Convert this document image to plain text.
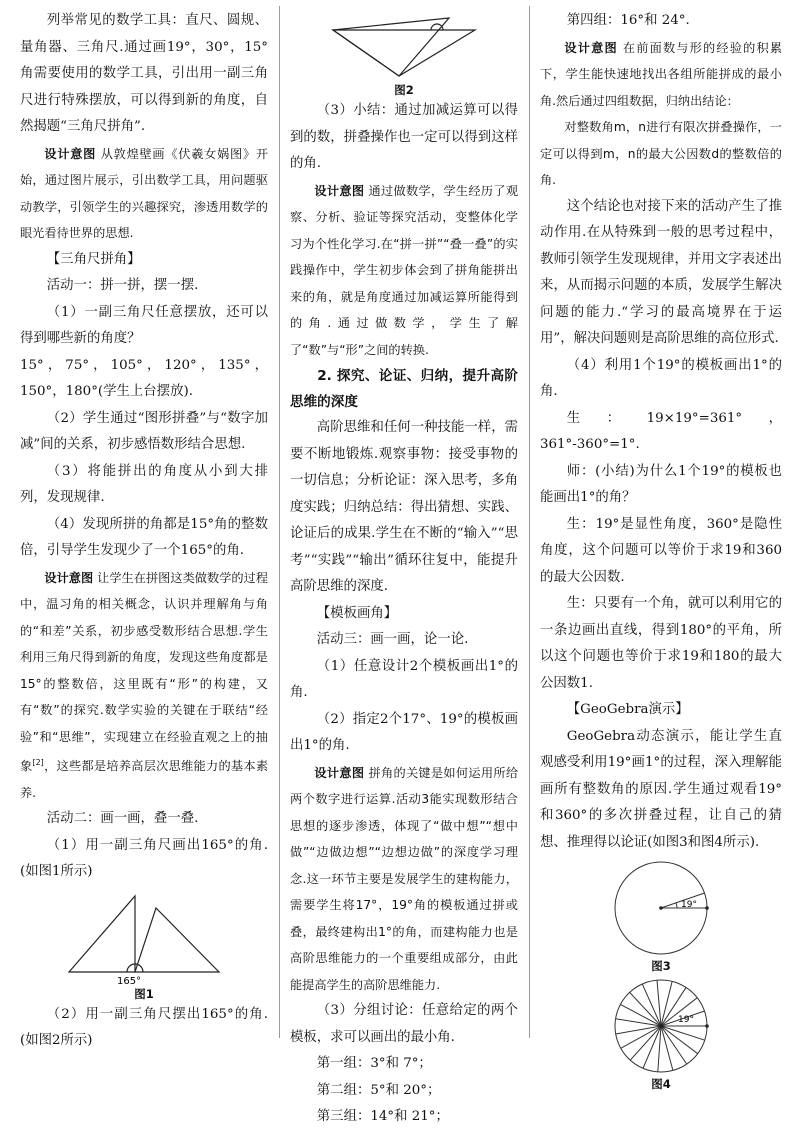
列举常见的数学工具：直尺、圆规、量角器、三角尺.通过画19°，30°，15°角需要使用的数学工具，引出用一副三角尺进行特殊摆放，可以得到新的角度，自然揭题“三角尺拼角”.

设计意图 从敦煌壁画《伏羲女娲图》开始，通过图片展示，引出数学工具，用问题驱动教学，引领学生的兴趣探究，渗透用数学的眼光看待世界的思想.

【三角尺拼角】

活动一：拼一拼，摆一摆.

（1）一副三角尺任意摆放，还可以得到哪些新的角度？

15°，75°，105°，120°，135°，150°，180°(学生上台摆放).

（2）学生通过“图形拼叠”与“数字加减”间的关系，初步感悟数形结合思想.

（3）将能拼出的角度从小到大排列，发现规律.

（4）发现所拼的角都是15°角的整数倍，引导学生发现少了一个165°的角.

设计意图 让学生在拼图这类做数学的过程中，温习角的相关概念，认识并理解角与角的“和差”关系，初步感受数形结合思想.学生利用三角尺得到新的角度，发现这些角度都是15°的整数倍，这里既有“形”的构建，又有“数”的探究.数学实验的关键在于联结“经验”和“思维”，实现建立在经验直观之上的抽象[2]，这些都是培养高层次思维能力的基本素养.

活动二：画一画，叠一叠.

（1）用一副三角尺画出165°的角.(如图1所示)

165°
图1

（2）用一副三角尺摆出165°的角.(如图2所示)

图2

（3）小结：通过加减运算可以得到的数，拼叠操作也一定可以得到这样的角.

设计意图 通过做数学，学生经历了观察、分析、验证等探究活动，变整体化学习为个性化学习.在“拼一拼”“叠一叠”的实践操作中，学生初步体会到了拼角能拼出来的角，就是角度通过加减运算所能得到的角.通过做数学，学生了解了“数”与“形”之间的转换.

2. 探究、论证、归纳，提升高阶思维的深度

高阶思维和任何一种技能一样，需要不断地锻炼.观察事物：接受事物的一切信息；分析论证：深入思考，多角度实践；归纳总结：得出猜想、实践、论证后的成果.学生在不断的“输入”“思考”“实践”“输出”循环往复中，能提升高阶思维的深度.

【模板画角】

活动三：画一画，论一论.

（1）任意设计2个模板画出1°的角.

（2）指定2个17°、19°的模板画出1°的角.

设计意图 拼角的关键是如何运用所给两个数字进行运算.活动3能实现数形结合思想的逐步渗透，体现了“做中想”“想中做”“边做边想”“边想边做”的深度学习理念.这一环节主要是发展学生的建构能力，需要学生将17°，19°角的模板通过拼或叠，最终建构出1°的角，而建构能力也是高阶思维能力的一个重要组成部分，由此能提高学生的高阶思维能力.

（3）分组讨论：任意给定的两个模板，求可以画出的最小角.

第一组：3°和 7°；

第二组：5°和 20°；

第三组：14°和 21°；

第四组：16°和 24°.

设计意图 在前面数与形的经验的积累下，学生能快速地找出各组所能拼成的最小角.然后通过四组数据，归纳出结论：

对整数角m，n进行有限次拼叠操作，一定可以得到m，n的最大公因数d的整数倍的角.

这个结论也对接下来的活动产生了推动作用.在从特殊到一般的思考过程中，教师引领学生发现规律，并用文字表述出来，从而揭示问题的本质，发展学生解决问题的能力.“学习的最高境界在于运用”，解决问题则是高阶思维的高位形式.

（4）利用1个19°的模板画出1°的角.

生：19×19°=361°，361°-360°=1°.

师：(小结)为什么1个19°的模板也能画出1°的角？

生：19°是显性角度，360°是隐性角度，这个问题可以等价于求19和360的最大公因数.

生：只要有一个角，就可以利用它的一条边画出直线，得到180°的平角，所以这个问题也等价于求19和180的最大公因数1.

【GeoGebra演示】

GeoGebra动态演示，能让学生直观感受利用19°画1°的过程，深入理解能画所有整数角的原因.学生通过观看19°和360°的多次拼叠过程，让自己的猜想、推理得以论证(如图3和图4所示).

19°
图3
19°
图4
